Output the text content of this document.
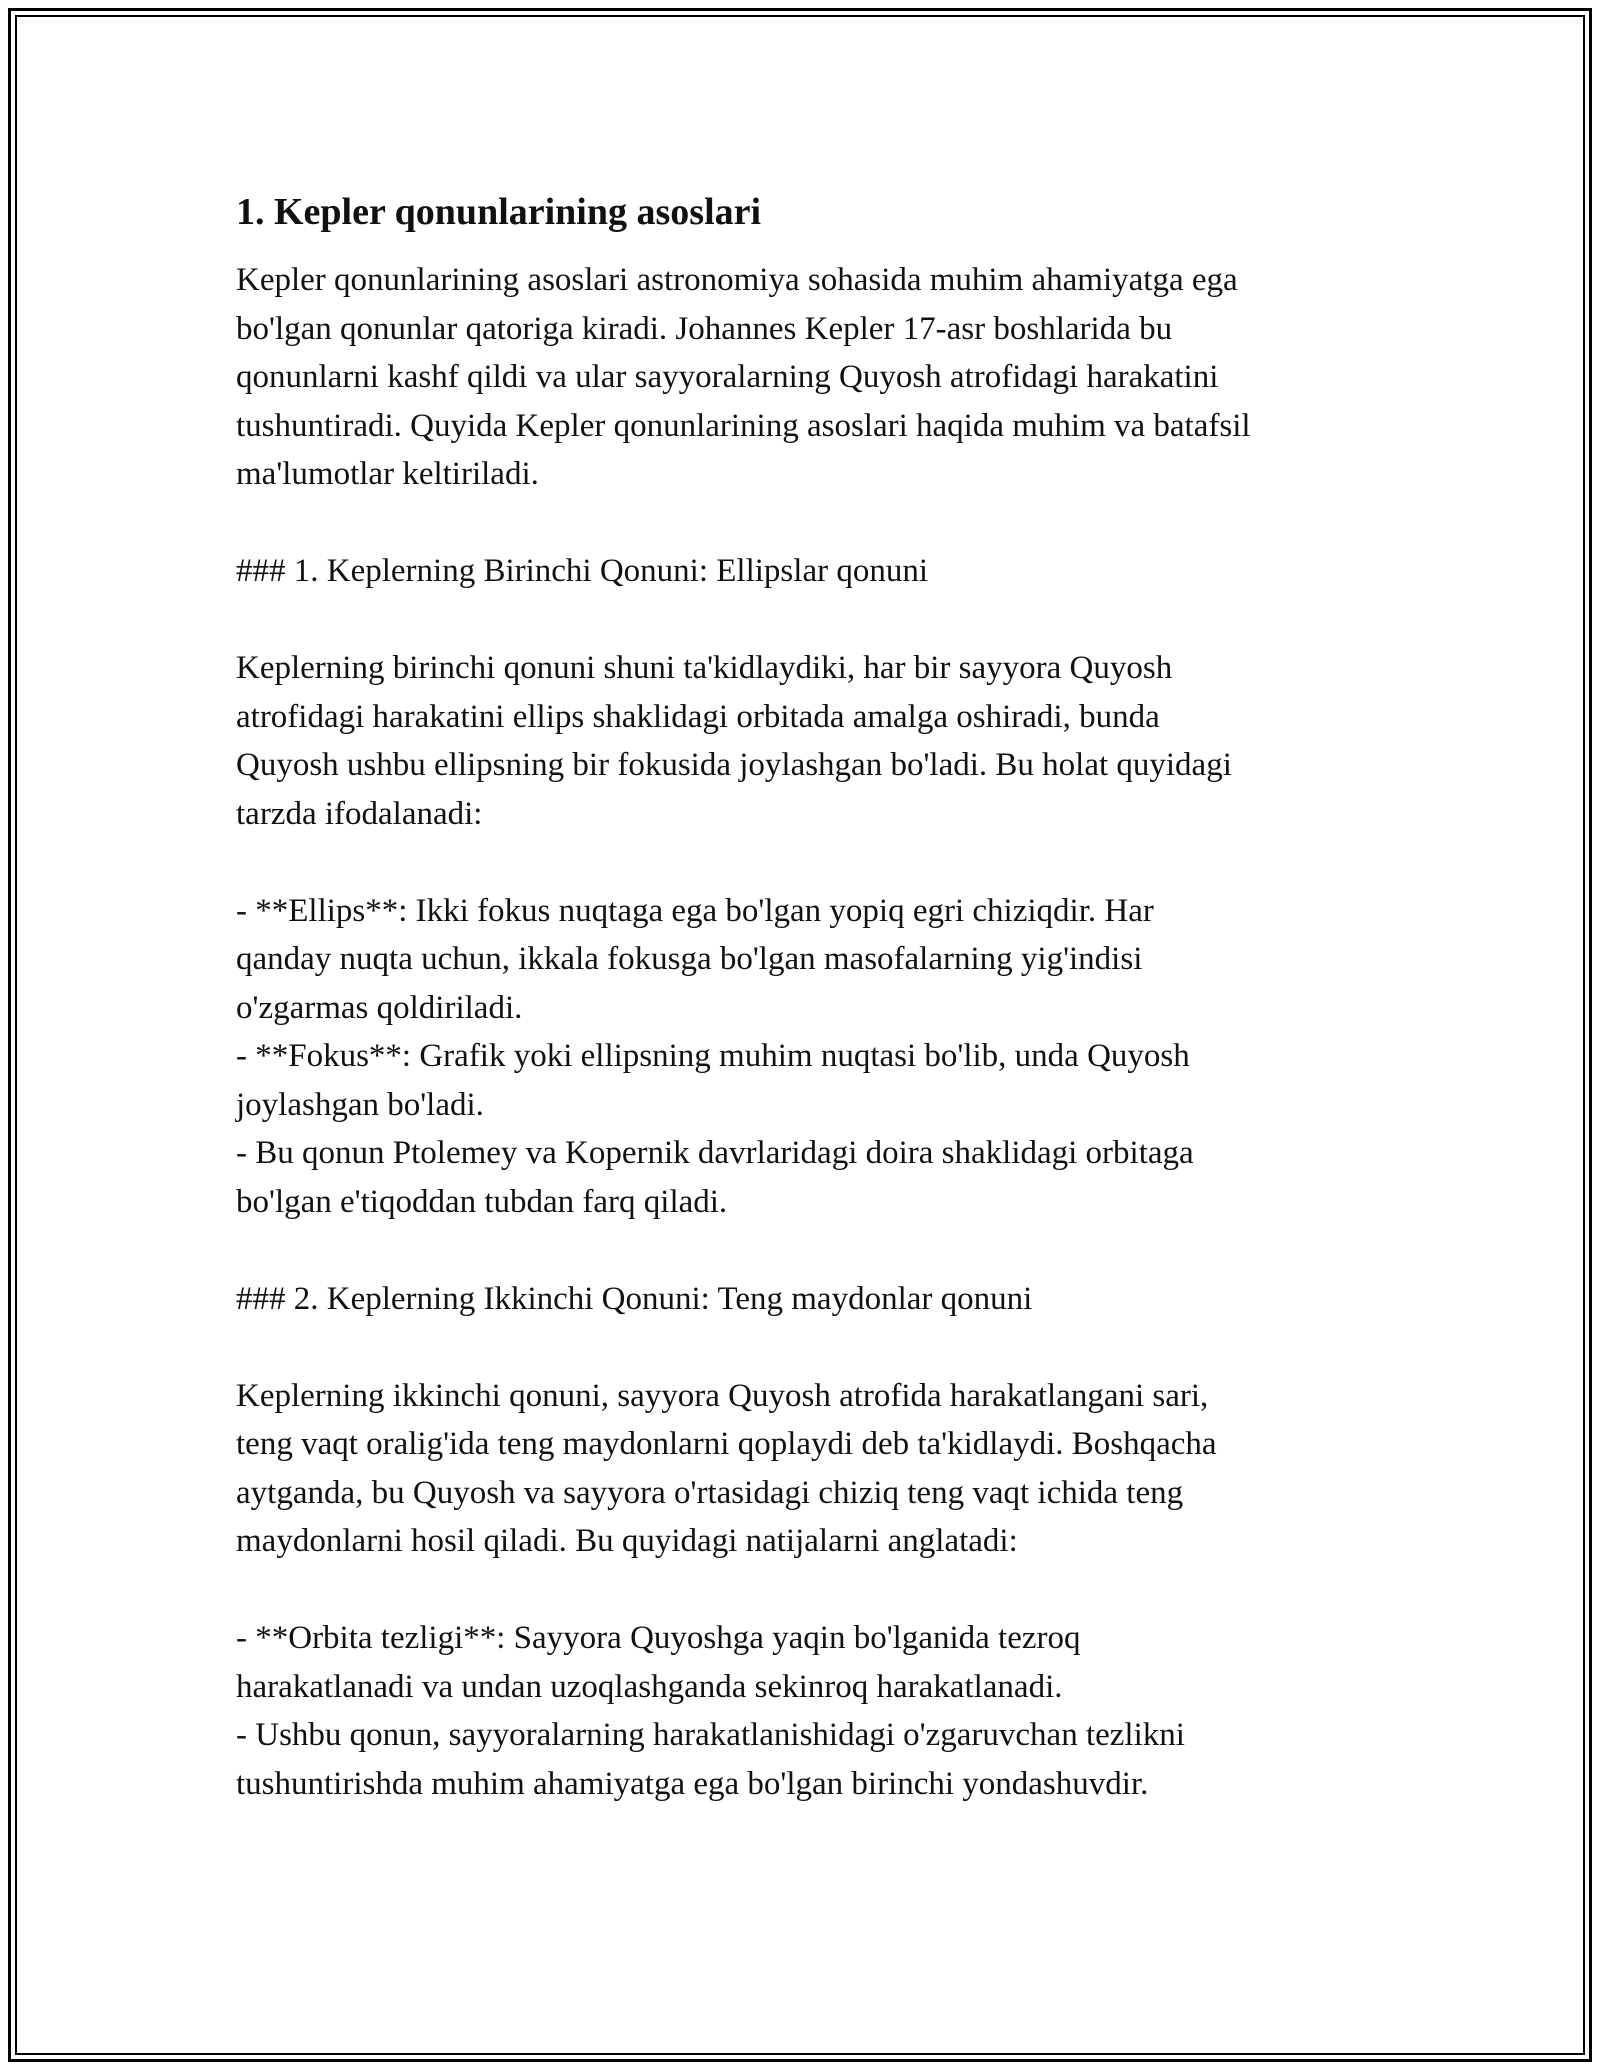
1. Kepler qonunlarining asoslari

Kepler qonunlarining asoslari astronomiya sohasida muhim ahamiyatga ega
bo'lgan qonunlar qatoriga kiradi. Johannes Kepler 17-asr boshlarida bu
qonunlarni kashf qildi va ular sayyoralarning Quyosh atrofidagi harakatini
tushuntiradi. Quyida Kepler qonunlarining asoslari haqida muhim va batafsil
ma'lumotlar keltiriladi.

### 1. Keplerning Birinchi Qonuni: Ellipslar qonuni

Keplerning birinchi qonuni shuni ta'kidlaydiki, har bir sayyora Quyosh
atrofidagi harakatini ellips shaklidagi orbitada amalga oshiradi, bunda
Quyosh ushbu ellipsning bir fokusida joylashgan bo'ladi. Bu holat quyidagi
tarzda ifodalanadi:

- **Ellips**: Ikki fokus nuqtaga ega bo'lgan yopiq egri chiziqdir. Har
qanday nuqta uchun, ikkala fokusga bo'lgan masofalarning yig'indisi
o'zgarmas qoldiriladi.
- **Fokus**: Grafik yoki ellipsning muhim nuqtasi bo'lib, unda Quyosh
joylashgan bo'ladi.
- Bu qonun Ptolemey va Kopernik davrlaridagi doira shaklidagi orbitaga
bo'lgan e'tiqoddan tubdan farq qiladi.

### 2. Keplerning Ikkinchi Qonuni: Teng maydonlar qonuni

Keplerning ikkinchi qonuni, sayyora Quyosh atrofida harakatlangani sari,
teng vaqt oralig'ida teng maydonlarni qoplaydi deb ta'kidlaydi. Boshqacha
aytganda, bu Quyosh va sayyora o'rtasidagi chiziq teng vaqt ichida teng
maydonlarni hosil qiladi. Bu quyidagi natijalarni anglatadi:

- **Orbita tezligi**: Sayyora Quyoshga yaqin bo'lganida tezroq
harakatlanadi va undan uzoqlashganda sekinroq harakatlanadi.
- Ushbu qonun, sayyoralarning harakatlanishidagi o'zgaruvchan tezlikni
tushuntirishda muhim ahamiyatga ega bo'lgan birinchi yondashuvdir.
